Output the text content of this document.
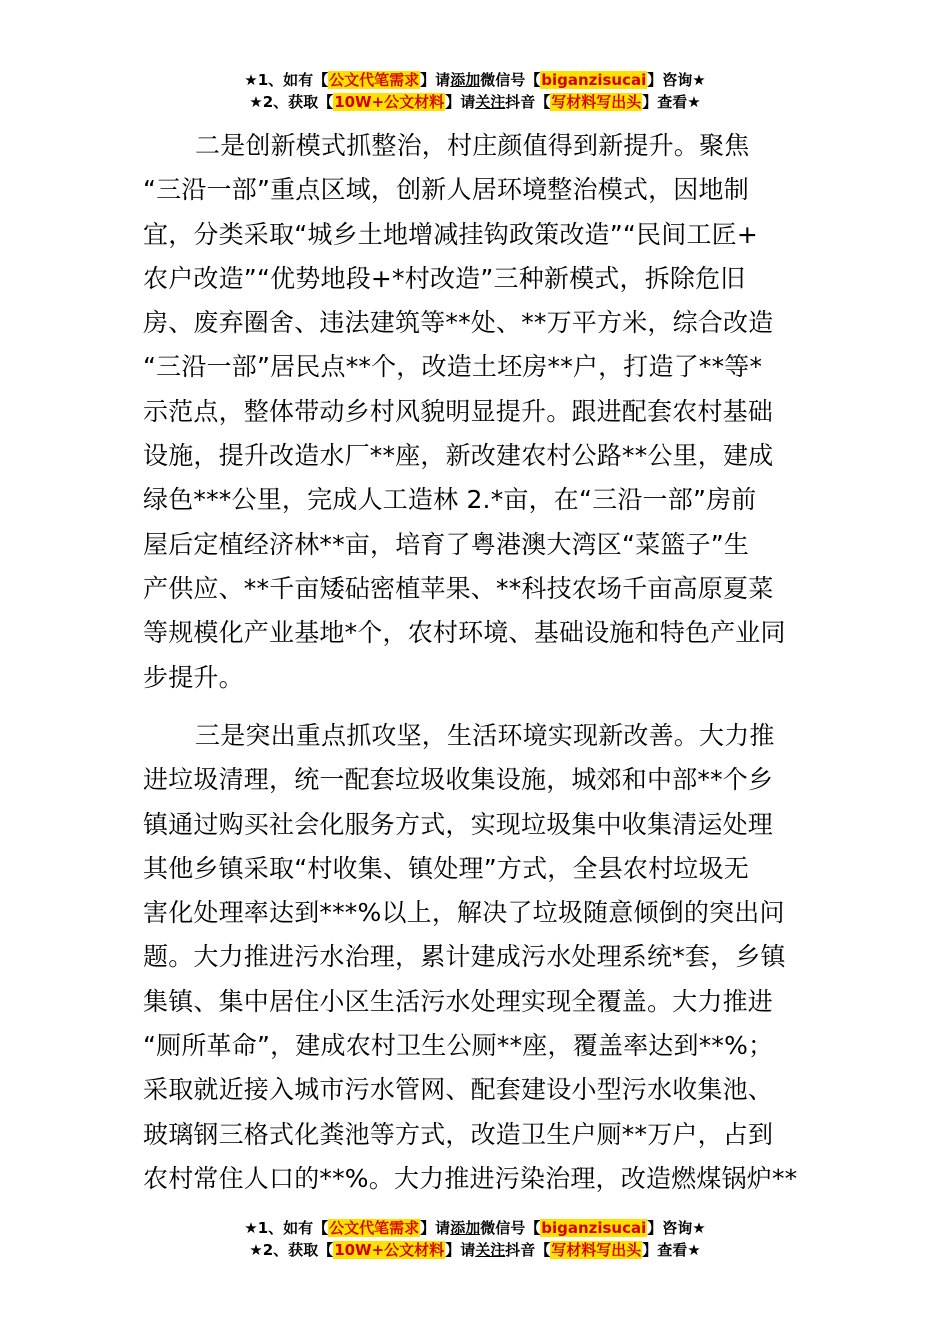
★1、如有【公文代笔需求】请添加微信号【biganzisucai】咨询★
★2、获取【10W+公文材料】请关注抖音【写材料写出头】查看★
二是创新模式抓整治，村庄颜值得到新提升。聚焦
“三沿一部”重点区域，创新人居环境整治模式，因地制
宜，分类采取“城乡土地增减挂钩政策改造”“民间工匠+
农户改造”“优势地段+*村改造”三种新模式，拆除危旧
房、废弃圈舍、违法建筑等**处、**万平方米，综合改造
“三沿一部”居民点**个，改造土坯房**户，打造了**等*
示范点，整体带动乡村风貌明显提升。跟进配套农村基础
设施，提升改造水厂**座，新改建农村公路**公里，建成
绿色***公里，完成人工造林 2.*亩，在“三沿一部”房前
屋后定植经济林**亩，培育了粤港澳大湾区“菜篮子”生
产供应、**千亩矮砧密植苹果、**科技农场千亩高原夏菜
等规模化产业基地*个，农村环境、基础设施和特色产业同
步提升。
三是突出重点抓攻坚，生活环境实现新改善。大力推
进垃圾清理，统一配套垃圾收集设施，城郊和中部**个乡
镇通过购买社会化服务方式，实现垃圾集中收集清运处理
其他乡镇采取“村收集、镇处理”方式，全县农村垃圾无
害化处理率达到***%以上，解决了垃圾随意倾倒的突出问
题。大力推进污水治理，累计建成污水处理系统*套，乡镇
集镇、集中居住小区生活污水处理实现全覆盖。大力推进
“厕所革命”，建成农村卫生公厕**座，覆盖率达到**%；
采取就近接入城市污水管网、配套建设小型污水收集池、
玻璃钢三格式化粪池等方式，改造卫生户厕**万户，占到
农村常住人口的**%。大力推进污染治理，改造燃煤锅炉**
★1、如有【公文代笔需求】请添加微信号【biganzisucai】咨询★
★2、获取【10W+公文材料】请关注抖音【写材料写出头】查看★
